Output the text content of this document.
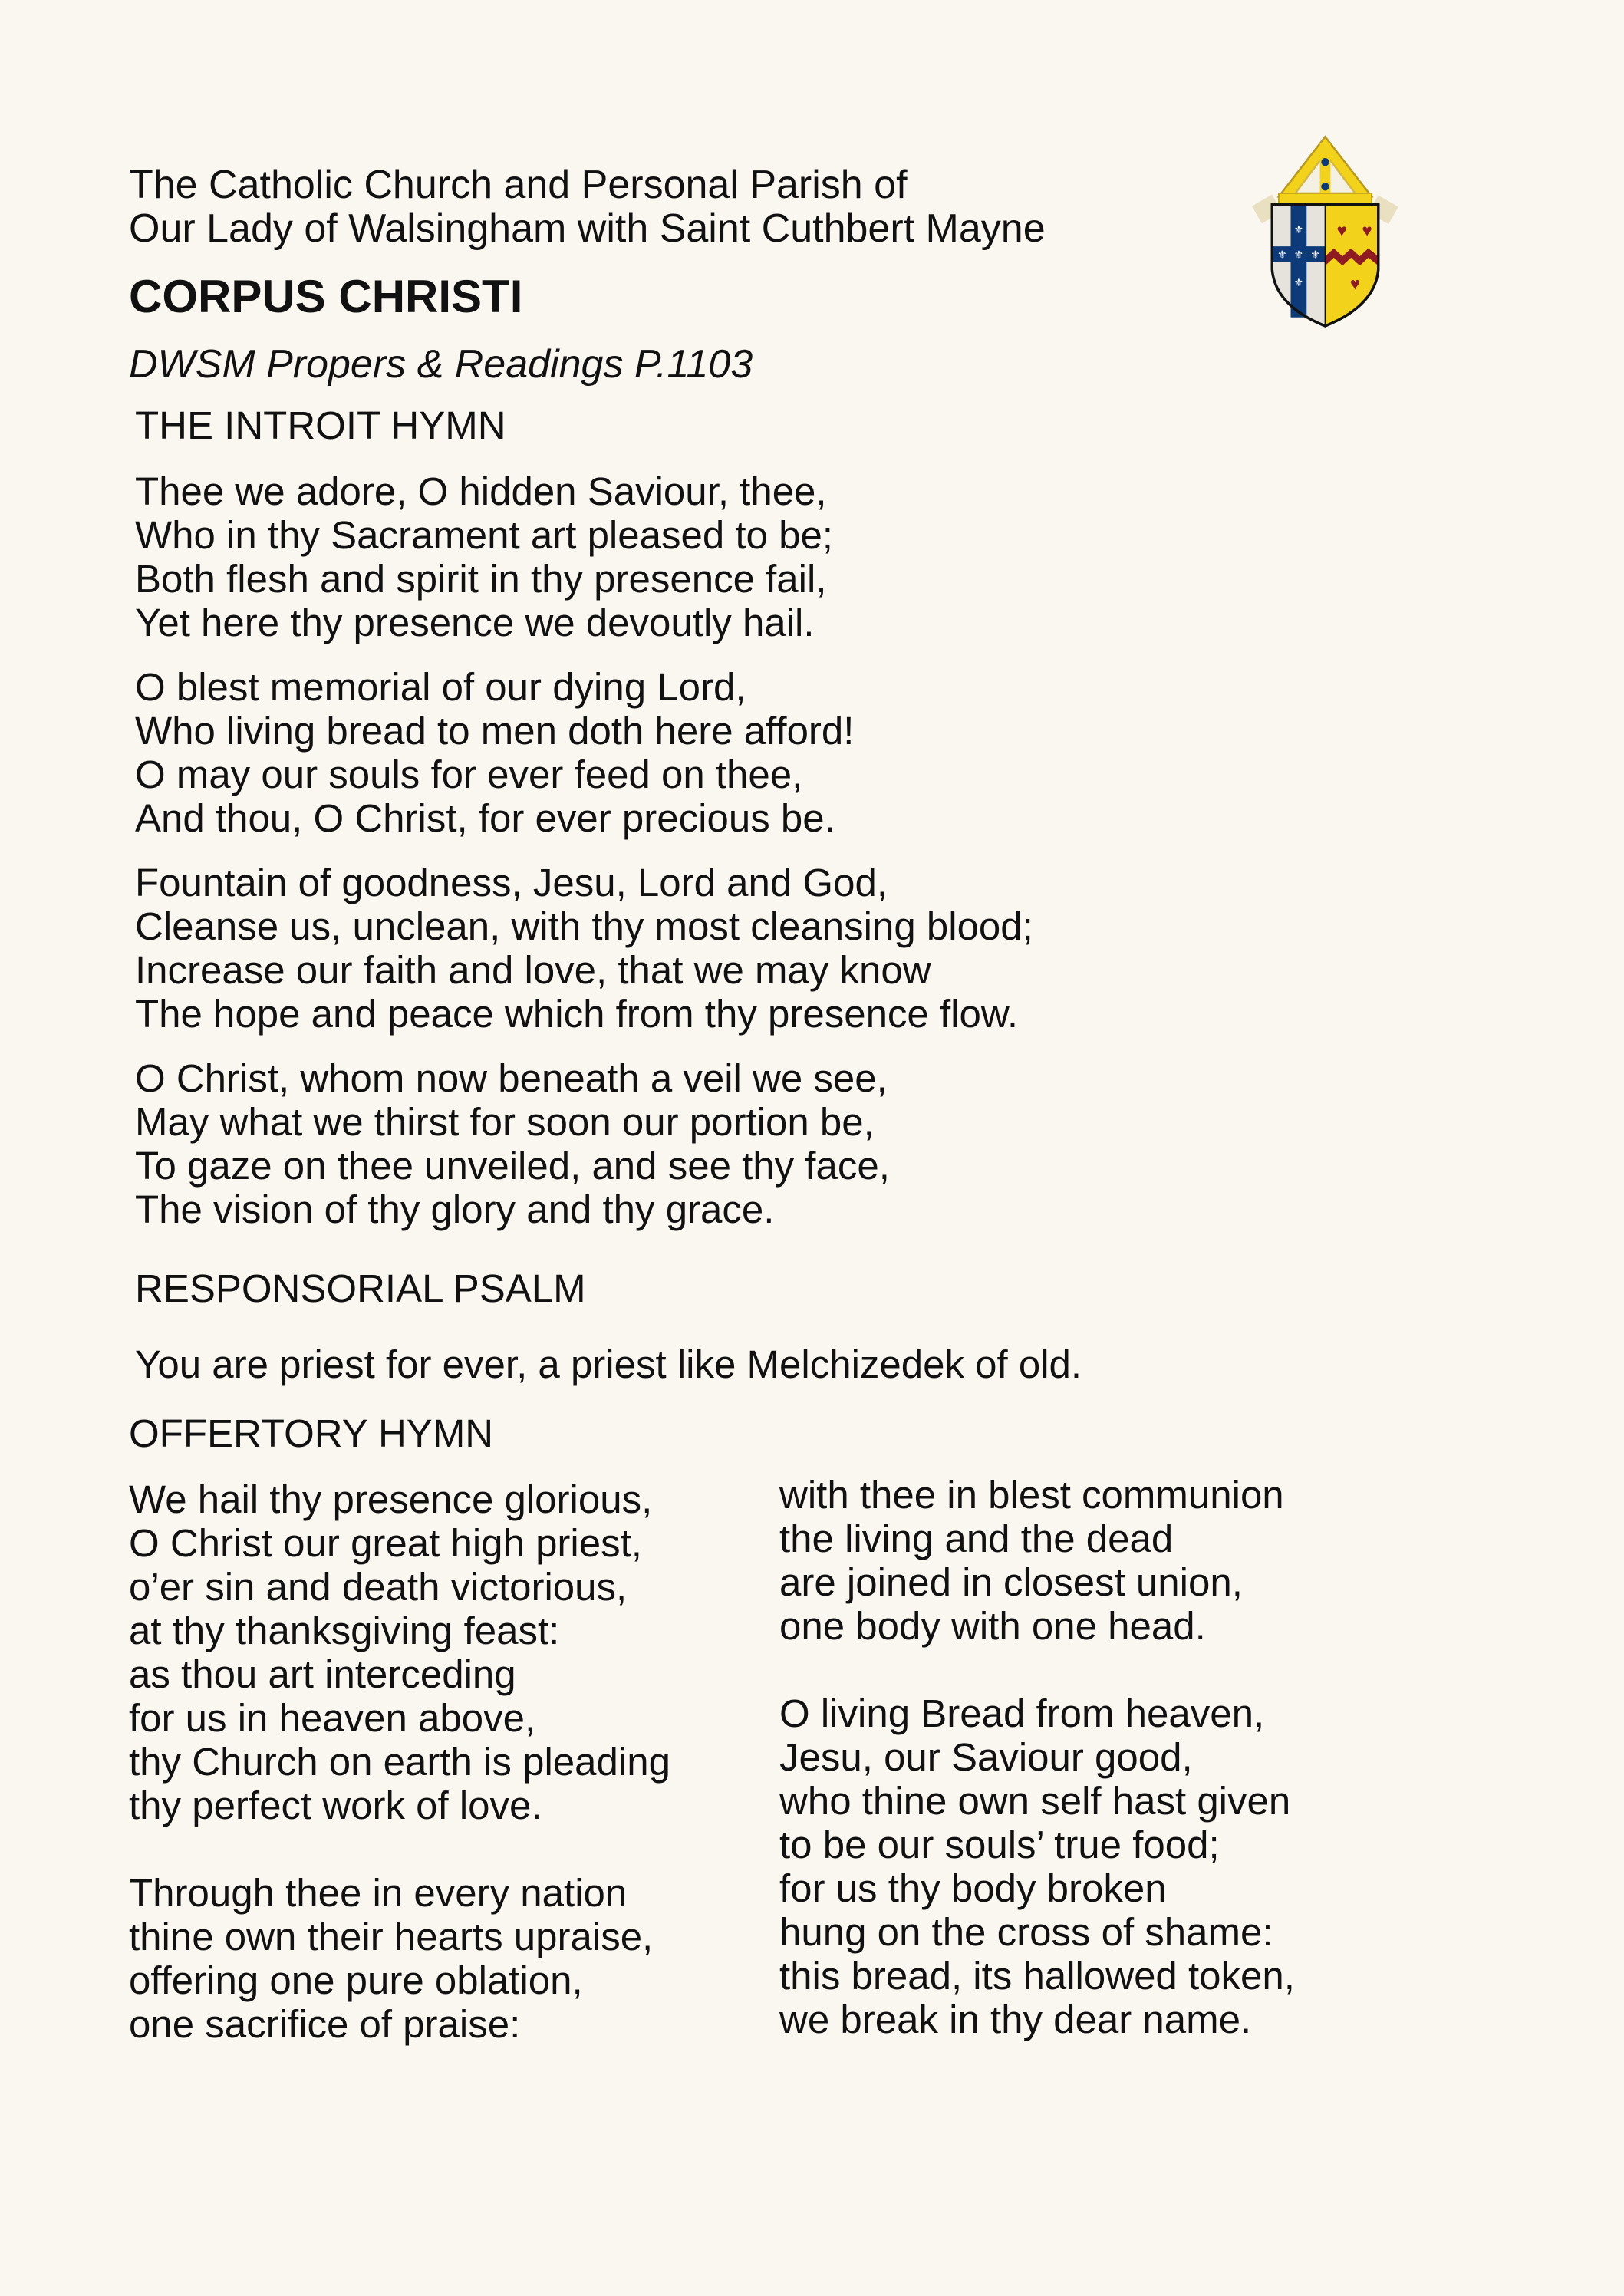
The Catholic Church and Personal Parish of
Our Lady of Walsingham with Saint Cuthbert Mayne
CORPUS CHRISTI
DWSM Propers & Readings P.1103
♥ ♥
♥
⚜
⚜ ⚜ ⚜
⚜
THE INTROIT HYMN
Thee we adore, O hidden Saviour, thee,
Who in thy Sacrament art pleased to be;
Both flesh and spirit in thy presence fail,
Yet here thy presence we devoutly hail.
O blest memorial of our dying Lord,
Who living bread to men doth here afford!
O may our souls for ever feed on thee,
And thou, O Christ, for ever precious be.
Fountain of goodness, Jesu, Lord and God,
Cleanse us, unclean, with thy most cleansing blood;
Increase our faith and love, that we may know
The hope and peace which from thy presence flow.
O Christ, whom now beneath a veil we see,
May what we thirst for soon our portion be,
To gaze on thee unveiled, and see thy face,
The vision of thy glory and thy grace.
RESPONSORIAL PSALM
You are priest for ever, a priest like Melchizedek of old.
OFFERTORY HYMN
We hail thy presence glorious,
O Christ our great high priest,
o’er sin and death victorious,
at thy thanksgiving feast:
as thou art interceding
for us in heaven above,
thy Church on earth is pleading
thy perfect work of love.
Through thee in every nation
thine own their hearts upraise,
offering one pure oblation,
one sacrifice of praise:
with thee in blest communion
the living and the dead
are joined in closest union,
one body with one head.
O living Bread from heaven,
Jesu, our Saviour good,
who thine own self hast given
to be our souls’ true food;
for us thy body broken
hung on the cross of shame:
this bread, its hallowed token,
we break in thy dear name.
